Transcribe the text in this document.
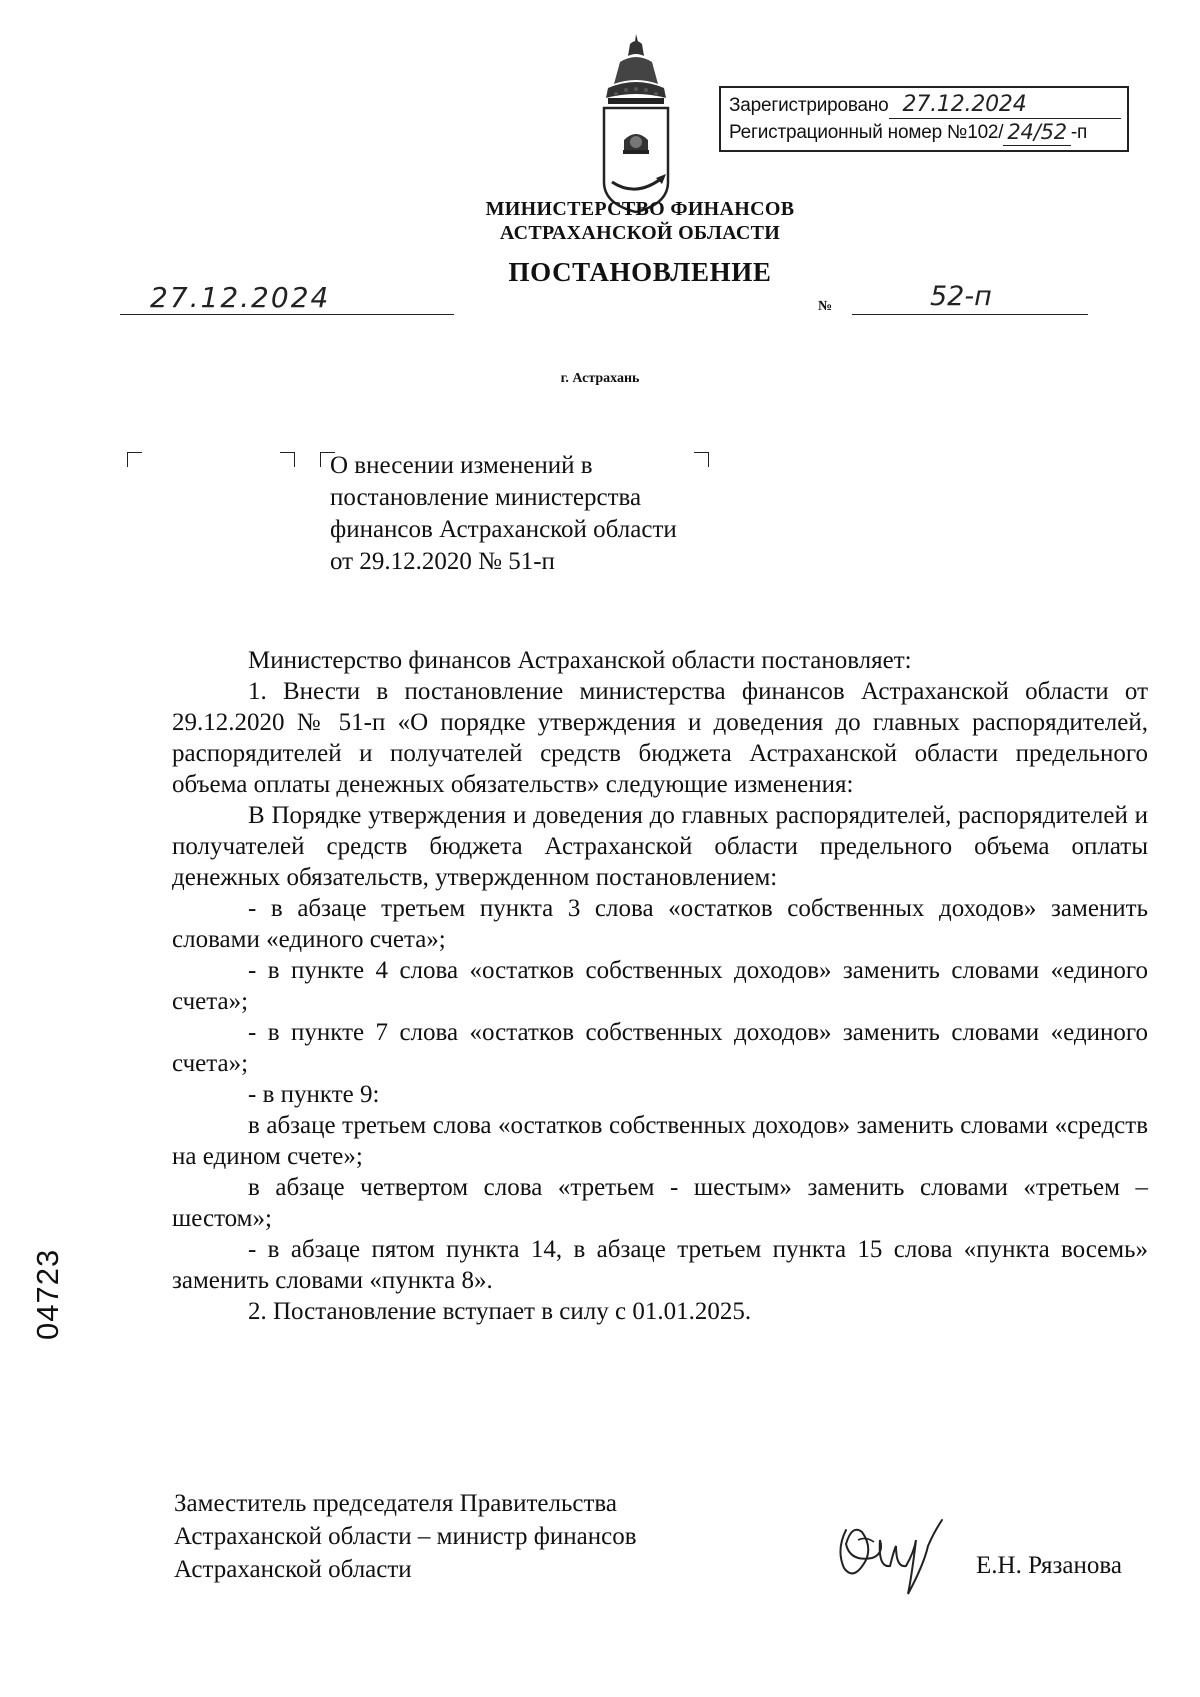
Зарегистрировано 27.12.2024
Регистрационный номер №102/ 24/52 -п
МИНИСТЕРСТВО ФИНАНСОВ
АСТРАХАНСКОЙ ОБЛАСТИ
ПОСТАНОВЛЕНИЕ
27.12.2024	№	52-п
г. Астрахань
О внесении изменений в
постановление министерства
финансов Астраханской области
от 29.12.2020 № 51-п

Министерство финансов Астраханской области постановляет:

1. Внести в постановление министерства финансов Астраханской области от 29.12.2020 № 51-п «О порядке утверждения и доведения до главных распорядителей, распорядителей и получателей средств бюджета Астраханской области предельного объема оплаты денежных обязательств» следующие изменения:

В Порядке утверждения и доведения до главных распорядителей, распорядителей и получателей средств бюджета Астраханской области предельного объема оплаты денежных обязательств, утвержденном постановлением:

- в абзаце третьем пункта 3 слова «остатков собственных доходов» заменить словами «единого счета»;

- в пункте 4 слова «остатков собственных доходов» заменить словами «единого счета»;

- в пункте 7 слова «остатков собственных доходов» заменить словами «единого счета»;

- в пункте 9:

в абзаце третьем слова «остатков собственных доходов» заменить словами «средств на едином счете»;

в абзаце четвертом слова «третьем - шестым» заменить словами «третьем – шестом»;

- в абзаце пятом пункта 14, в абзаце третьем пункта 15 слова «пункта восемь» заменить словами «пункта 8».

2. Постановление вступает в силу с 01.01.2025.

04723
Заместитель председателя Правительства
Астраханской области – министр финансов
Астраханской области	Е.Н. Рязанова
